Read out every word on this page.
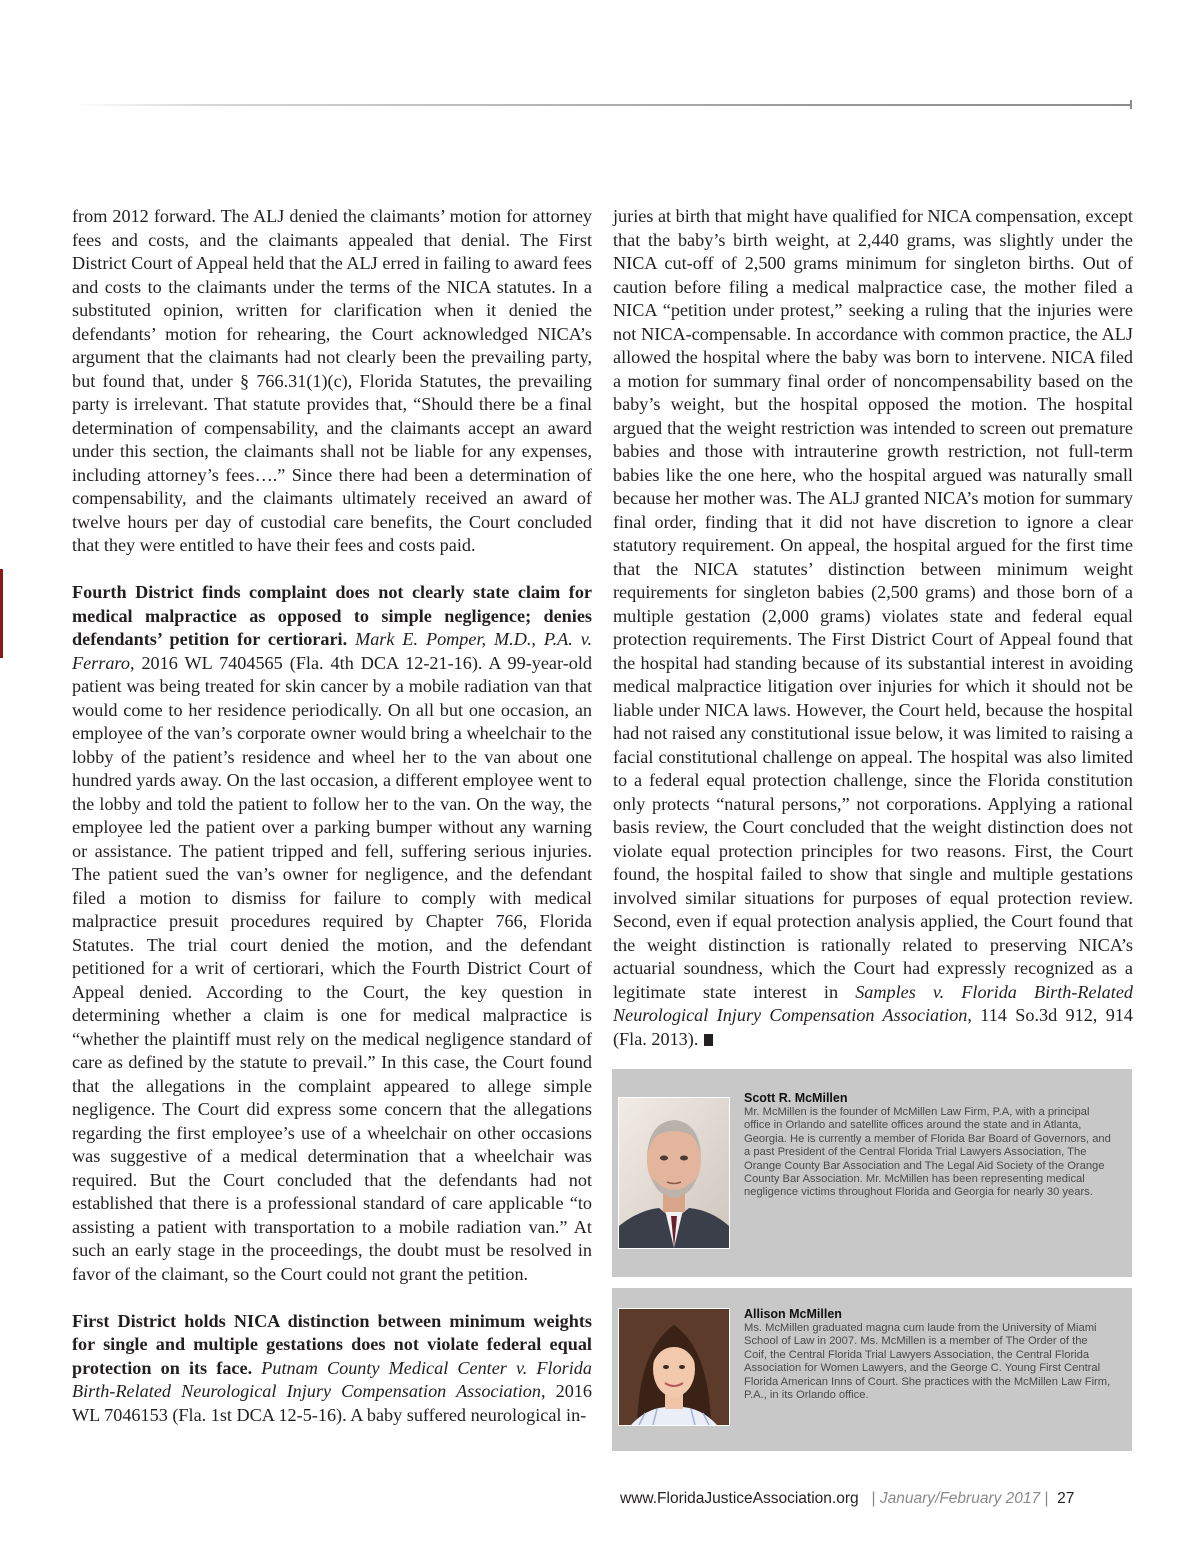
from 2012 forward. The ALJ denied the claimants’ motion for attorney fees and costs, and the claimants appealed that denial. The First District Court of Appeal held that the ALJ erred in failing to award fees and costs to the claimants under the terms of the NICA statutes. In a substituted opinion, written for clarification when it denied the defendants’ motion for rehearing, the Court acknowledged NICA’s argument that the claimants had not clearly been the prevailing party, but found that, under § 766.31(1)(c), Florida Statutes, the prevailing party is irrelevant. That statute provides that, “Should there be a final determination of compensability, and the claimants accept an award under this section, the claimants shall not be liable for any expenses, including attorney’s fees….” Since there had been a determination of compensability, and the claimants ultimately received an award of twelve hours per day of custodial care benefits, the Court concluded that they were entitled to have their fees and costs paid.

Fourth District finds complaint does not clearly state claim for medical malpractice as opposed to simple negligence; denies defendants’ petition for certiorari. Mark E. Pomper, M.D., P.A. v. Ferraro, 2016 WL 7404565 (Fla. 4th DCA 12-21-16). A 99-year-old patient was being treated for skin cancer by a mobile radiation van that would come to her residence periodically. On all but one occasion, an employee of the van’s corporate owner would bring a wheelchair to the lobby of the patient’s residence and wheel her to the van about one hundred yards away. On the last occasion, a different employee went to the lobby and told the patient to follow her to the van. On the way, the employee led the patient over a parking bumper without any warning or assistance. The patient tripped and fell, suffering serious injuries. The patient sued the van’s owner for negligence, and the defendant filed a motion to dismiss for failure to comply with medical malpractice presuit procedures required by Chapter 766, Florida Statutes. The trial court denied the motion, and the defendant petitioned for a writ of certiorari, which the Fourth District Court of Appeal denied. According to the Court, the key question in determining whether a claim is one for medical malpractice is “whether the plaintiff must rely on the medical negligence standard of care as defined by the statute to prevail.” In this case, the Court found that the allegations in the complaint appeared to allege simple negligence. The Court did express some concern that the allegations regarding the first employee’s use of a wheelchair on other occasions was suggestive of a medical determination that a wheelchair was required. But the Court concluded that the defendants had not established that there is a professional standard of care applicable “to assisting a patient with transportation to a mobile radiation van.” At such an early stage in the proceedings, the doubt must be resolved in favor of the claimant, so the Court could not grant the petition.

First District holds NICA distinction between minimum weights for single and multiple gestations does not violate federal equal protection on its face. Putnam County Medical Center v. Florida Birth-Related Neurological Injury Compensation Association, 2016 WL 7046153 (Fla. 1st DCA 12-5-16). A baby suffered neurological in-

juries at birth that might have qualified for NICA compensation, except that the baby’s birth weight, at 2,440 grams, was slightly under the NICA cut-off of 2,500 grams minimum for singleton births. Out of caution before filing a medical malpractice case, the mother filed a NICA “petition under protest,” seeking a ruling that the injuries were not NICA-compensable. In accordance with common practice, the ALJ allowed the hospital where the baby was born to intervene. NICA filed a motion for summary final order of noncompensability based on the baby’s weight, but the hospital opposed the motion. The hospital argued that the weight restriction was intended to screen out premature babies and those with intrauterine growth restriction, not full-term babies like the one here, who the hospital argued was naturally small because her mother was. The ALJ granted NICA’s motion for summary final order, finding that it did not have discretion to ignore a clear statutory requirement. On appeal, the hospital argued for the first time that the NICA statutes’ distinction between minimum weight requirements for singleton babies (2,500 grams) and those born of a multiple gestation (2,000 grams) violates state and federal equal protection requirements. The First District Court of Appeal found that the hospital had standing because of its substantial interest in avoiding medical malpractice litigation over injuries for which it should not be liable under NICA laws. However, the Court held, because the hospital had not raised any constitutional issue below, it was limited to raising a facial constitutional challenge on appeal. The hospital was also limited to a federal equal protection challenge, since the Florida constitution only protects “natural persons,” not corporations. Applying a rational basis review, the Court concluded that the weight distinction does not violate equal protection principles for two reasons. First, the Court found, the hospital failed to show that single and multiple gestations involved similar situations for purposes of equal protection review. Second, even if equal protection analysis applied, the Court found that the weight distinction is rationally related to preserving NICA’s actuarial soundness, which the Court had expressly recognized as a legitimate state interest in Samples v. Florida Birth-Related Neurological Injury Compensation Association, 114 So.3d 912, 914 (Fla. 2013).

Scott R. McMillen

Mr. McMillen is the founder of McMillen Law Firm, P.A, with a principal office in Orlando and satellite offices around the state and in Atlanta, Georgia. He is currently a member of Florida Bar Board of Governors, and a past President of the Central Florida Trial Lawyers Association, The Orange County Bar Association and The Legal Aid Society of the Orange County Bar Association. Mr. McMillen has been representing medical negligence victims throughout Florida and Georgia for nearly 30 years.

Allison McMillen

Ms. McMillen graduated magna cum laude from the University of Miami School of Law in 2007. Ms. McMillen is a member of The Order of the Coif, the Central Florida Trial Lawyers Association, the Central Florida Association for Women Lawyers, and the George C. Young First Central Florida American Inns of Court. She practices with the McMillen Law Firm, P.A., in its Orlando office.

www.FloridaJusticeAssociation.org | January/February 2017 | 27
